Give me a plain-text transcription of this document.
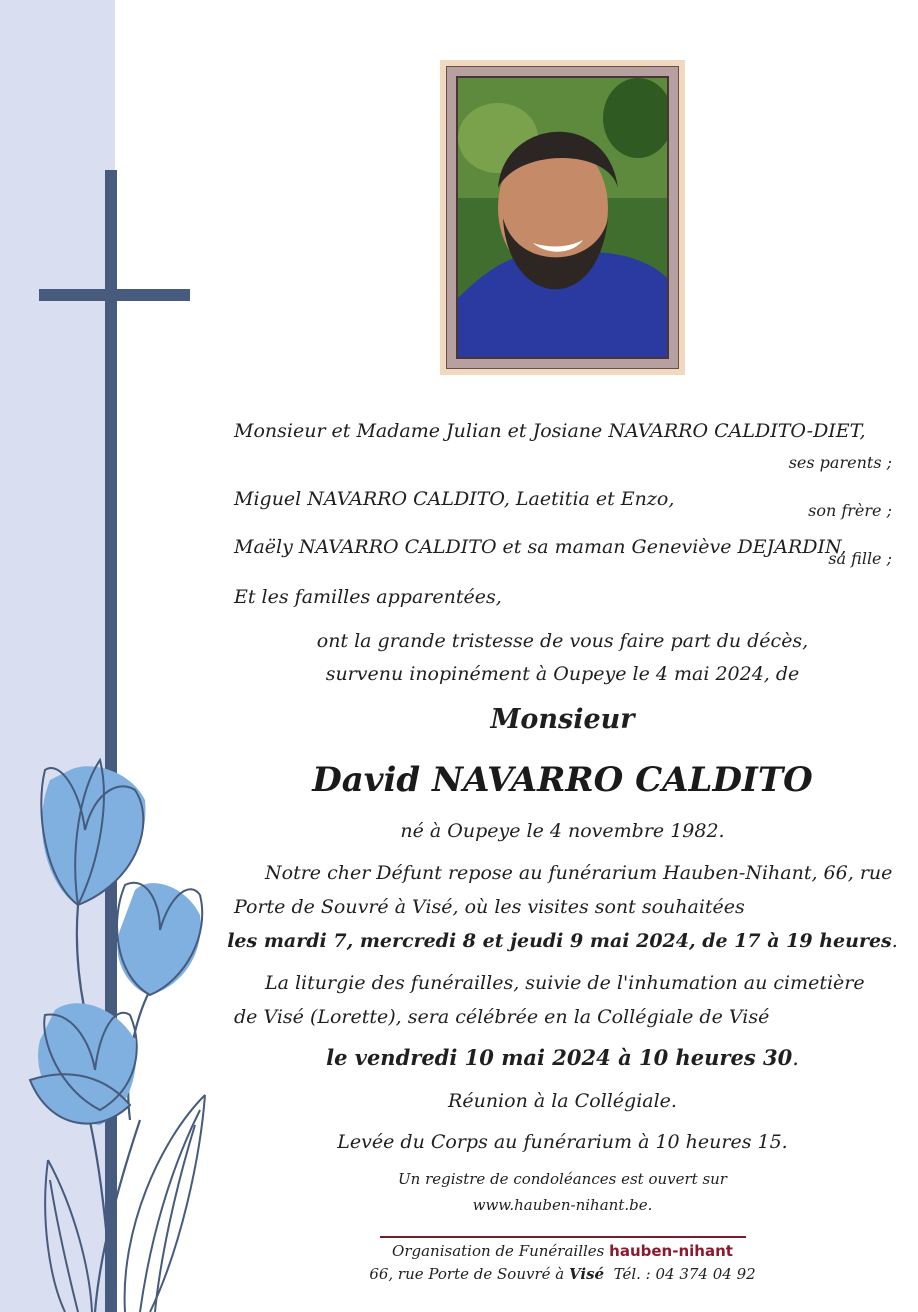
Monsieur et Madame Julian et Josiane NAVARRO CALDITO-DIET,
ses parents ;
Miguel NAVARRO CALDITO, Laetitia et Enzo,
son frère ;
Maëly NAVARRO CALDITO et sa maman Geneviève DEJARDIN,
sa fille ;
Et les familles apparentées,
ont la grande tristesse de vous faire part du décès,
survenu inopinément à Oupeye le 4 mai 2024, de
Monsieur
David NAVARRO CALDITO
né à Oupeye le 4 novembre 1982.
Notre cher Défunt repose au funérarium Hauben-Nihant, 66, rue
Porte de Souvré à Visé, où les visites sont souhaitées
les mardi 7, mercredi 8 et jeudi 9 mai 2024, de 17 à 19 heures.
La liturgie des funérailles, suivie de l'inhumation au cimetière
de Visé (Lorette), sera célébrée en la Collégiale de Visé
le vendredi 10 mai 2024 à 10 heures 30.
Réunion à la Collégiale.
Levée du Corps au funérarium à 10 heures 15.
Un registre de condoléances est ouvert sur
www.hauben-nihant.be.
Organisation de Funérailles hauben-nihant
66, rue Porte de Souvré à Visé Tél. : 04 374 04 92
